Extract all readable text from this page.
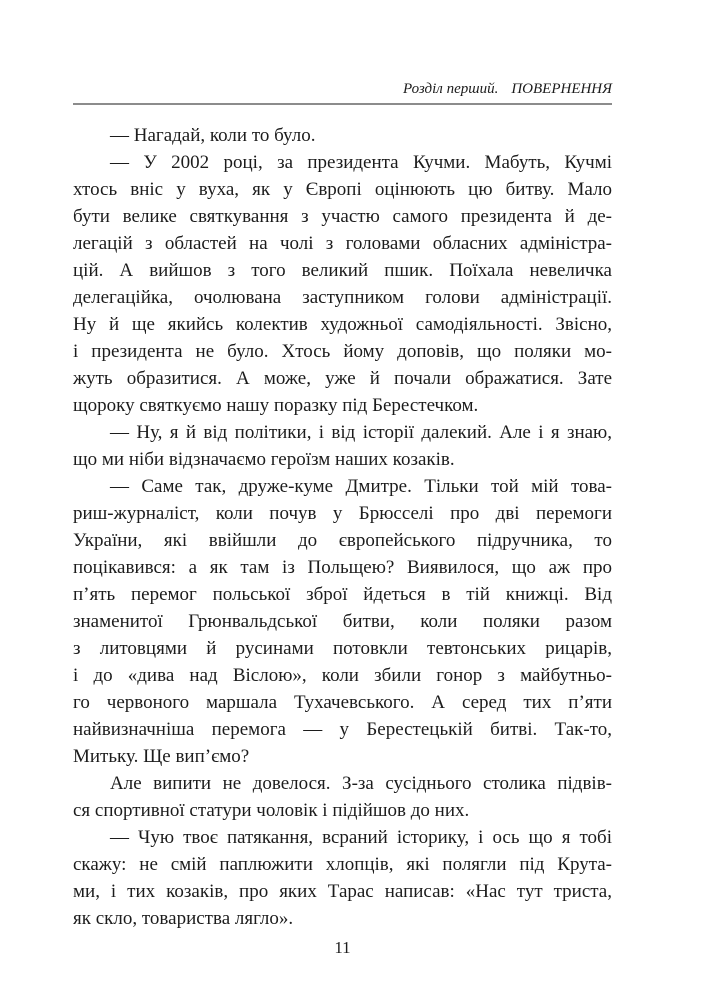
Розділ перший. ПОВЕРНЕННЯ
— Нагадай, коли то було.
— У 2002 році, за президента Кучми. Мабуть, Кучмі
хтось вніс у вуха, як у Європі оцінюють цю битву. Мало
бути велике святкування з участю самого президента й де-
легацій з областей на чолі з головами обласних адміністра-
цій. А вийшов з того великий пшик. Поїхала невеличка
делегаційка, очолювана заступником голови адміністрації.
Ну й ще якийсь колектив художньої самодіяльності. Звісно,
і президента не було. Хтось йому доповів, що поляки мо-
жуть образитися. А може, уже й почали ображатися. Зате
щороку святкуємо нашу поразку під Берестечком.
— Ну, я й від політики, і від історії далекий. Але і я знаю,
що ми ніби відзначаємо героїзм наших козаків.
— Саме так, друже-куме Дмитре. Тільки той мій това-
риш-журналіст, коли почув у Брюсселі про дві перемоги
України, які ввійшли до європейського підручника, то
поцікавився: а як там із Польщею? Виявилося, що аж про
п’ять перемог польської зброї йдеться в тій книжці. Від
знаменитої Грюнвальдської битви, коли поляки разом
з литовцями й русинами потовкли тевтонських рицарів,
і до «дива над Віслою», коли збили гонор з майбутньо-
го червоного маршала Тухачевського. А серед тих п’яти
найвизначніша перемога — у Берестецькій битві. Так-то,
Митьку. Ще вип’ємо?
Але випити не довелося. З-за сусіднього столика підвів-
ся спортивної статури чоловік і підійшов до них.
— Чую твоє патякання, всраний історику, і ось що я тобі
скажу: не смій паплюжити хлопців, які полягли під Крута-
ми, і тих козаків, про яких Тарас написав: «Нас тут триста,
як скло, товариства лягло».
11
